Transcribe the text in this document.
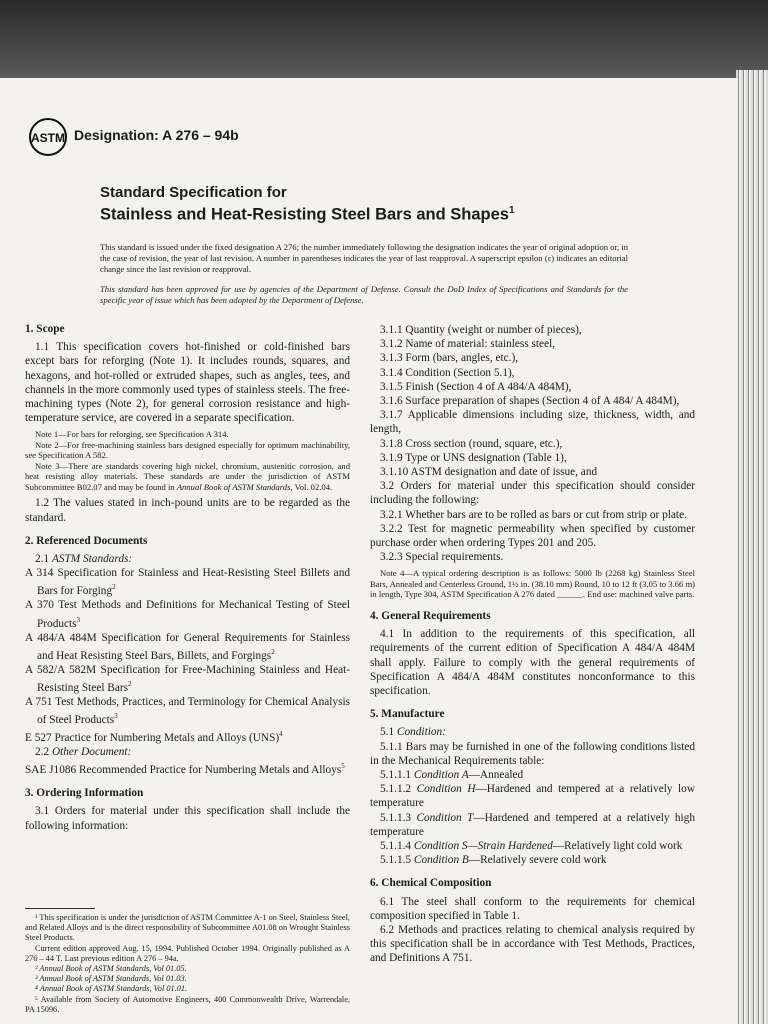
ASTM Designation: A 276 – 94b
Standard Specification for
Stainless and Heat-Resisting Steel Bars and Shapes$^1$
This standard is issued under the fixed designation A 276; the number immediately following the designation indicates the year of original adoption or, in the case of revision, the year of last revision. A number in parentheses indicates the year of last reapproval. A superscript epsilon (ε) indicates an editorial change since the last revision or reapproval.
This standard has been approved for use by agencies of the Department of Defense. Consult the DoD Index of Specifications and Standards for the specific year of issue which has been adopted by the Department of Defense.

1. Scope

1.1 This specification covers hot-finished or cold-finished bars except bars for reforging (Note 1). It includes rounds, squares, and hexagons, and hot-rolled or extruded shapes, such as angles, tees, and channels in the more commonly used types of stainless steels. The free-machining types (Note 2), for general corrosion resistance and high-temperature service, are covered in a separate specification.

Note 1—For bars for reforging, see Specification A 314.

Note 2—For free-machining stainless bars designed especially for optimum machinability, see Specification A 582.

Note 3—There are standards covering high nickel, chromium, austenitic corrosion, and heat resisting alloy materials. These standards are under the jurisdiction of ASTM Subcommittee B02.07 and may be found in Annual Book of ASTM Standards, Vol. 02.04.

1.2 The values stated in inch-pound units are to be regarded as the standard.

2. Referenced Documents

2.1 ASTM Standards:

A 314 Specification for Stainless and Heat-Resisting Steel Billets and Bars for Forging$^2$

A 370 Test Methods and Definitions for Mechanical Testing of Steel Products$^3$

A 484/A 484M Specification for General Requirements for Stainless and Heat Resisting Steel Bars, Billets, and Forgings$^2$

A 582/A 582M Specification for Free-Machining Stainless and Heat-Resisting Steel Bars$^2$

A 751 Test Methods, Practices, and Terminology for Chemical Analysis of Steel Products$^3$

E 527 Practice for Numbering Metals and Alloys (UNS)$^4$

2.2 Other Document:

SAE J1086 Recommended Practice for Numbering Metals and Alloys$^5$

3. Ordering Information

3.1 Orders for material under this specification shall include the following information:

¹ This specification is under the jurisdiction of ASTM Committee A-1 on Steel, Stainless Steel, and Related Alloys and is the direct responsibility of Subcommittee A01.08 on Wrought Stainless Steel Products.

Current edition approved Aug. 15, 1994. Published October 1994. Originally published as A 276 – 44 T. Last previous edition A 276 – 94a.

² Annual Book of ASTM Standards, Vol 01.05.

³ Annual Book of ASTM Standards, Vol 01.03.

⁴ Annual Book of ASTM Standards, Vol 01.01.

⁵ Available from Society of Automotive Engineers, 400 Commonwealth Drive, Warrendale, PA 15096.

3.1.1 Quantity (weight or number of pieces),

3.1.2 Name of material: stainless steel,

3.1.3 Form (bars, angles, etc.),

3.1.4 Condition (Section 5.1),

3.1.5 Finish (Section 4 of A 484/A 484M),

3.1.6 Surface preparation of shapes (Section 4 of A 484/ A 484M),

3.1.7 Applicable dimensions including size, thickness, width, and length,

3.1.8 Cross section (round, square, etc.),

3.1.9 Type or UNS designation (Table 1),

3.1.10 ASTM designation and date of issue, and

3.2 Orders for material under this specification should consider including the following:

3.2.1 Whether bars are to be rolled as bars or cut from strip or plate.

3.2.2 Test for magnetic permeability when specified by customer purchase order when ordering Types 201 and 205.

3.2.3 Special requirements.

Note 4—A typical ordering description is as follows: 5000 lb (2268 kg) Stainless Steel Bars, Annealed and Centerless Ground, 1½ in. (38.10 mm) Round, 10 to 12 ft (3.05 to 3.66 m) in length, Type 304, ASTM Specification A 276 dated ______. End use: machined valve parts.

4. General Requirements

4.1 In addition to the requirements of this specification, all requirements of the current edition of Specification A 484/A 484M shall apply. Failure to comply with the general requirements of Specification A 484/A 484M constitutes nonconformance to this specification.

5. Manufacture

5.1 Condition:

5.1.1 Bars may be furnished in one of the following conditions listed in the Mechanical Requirements table:

5.1.1.1 Condition A—Annealed

5.1.1.2 Condition H—Hardened and tempered at a relatively low temperature

5.1.1.3 Condition T—Hardened and tempered at a relatively high temperature

5.1.1.4 Condition S—Strain Hardened—Relatively light cold work

5.1.1.5 Condition B—Relatively severe cold work

6. Chemical Composition

6.1 The steel shall conform to the requirements for chemical composition specified in Table 1.

6.2 Methods and practices relating to chemical analysis required by this specification shall be in accordance with Test Methods, Practices, and Definitions A 751.
